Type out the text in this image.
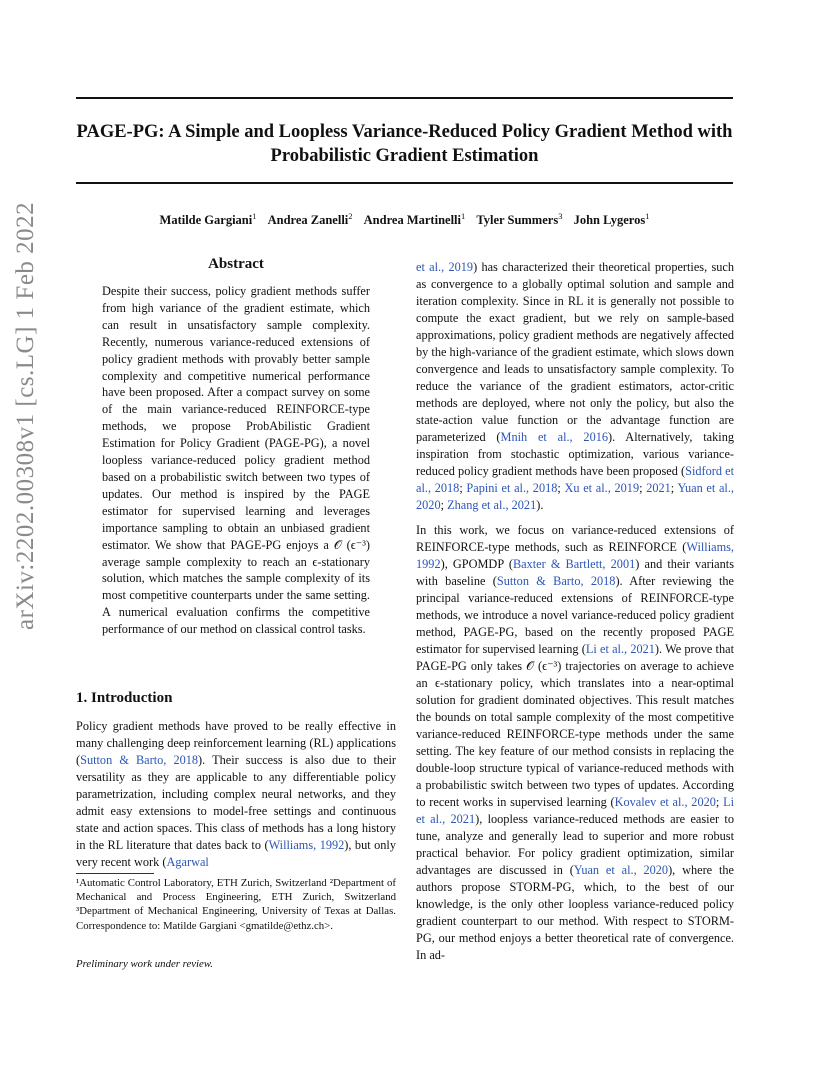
arXiv:2202.00308v1 [cs.LG] 1 Feb 2022
PAGE-PG: A Simple and Loopless Variance-Reduced Policy Gradient Method with Probabilistic Gradient Estimation
Matilde Gargiani$^1$ Andrea Zanelli$^2$ Andrea Martinelli$^1$ Tyler Summers$^3$ John Lygeros$^1$
Abstract
Despite their success, policy gradient methods suffer from high variance of the gradient estimate, which can result in unsatisfactory sample complexity. Recently, numerous variance-reduced extensions of policy gradient methods with provably better sample complexity and competitive numerical performance have been proposed. After a compact survey on some of the main variance-reduced REINFORCE-type methods, we propose ProbAbilistic Gradient Estimation for Policy Gradient (PAGE-PG), a novel loopless variance-reduced policy gradient method based on a probabilistic switch between two types of updates. Our method is inspired by the PAGE estimator for supervised learning and leverages importance sampling to obtain an unbiased gradient estimator. We show that PAGE-PG enjoys a 𝒪 (ϵ⁻³) average sample complexity to reach an ϵ-stationary solution, which matches the sample complexity of its most competitive counterparts under the same setting. A numerical evaluation confirms the competitive performance of our method on classical control tasks.
1. Introduction
Policy gradient methods have proved to be really effective in many challenging deep reinforcement learning (RL) applications (Sutton & Barto, 2018). Their success is also due to their versatility as they are applicable to any differentiable policy parametrization, including complex neural networks, and they admit easy extensions to model-free settings and continuous state and action spaces. This class of methods has a long history in the RL literature that dates back to (Williams, 1992), but only very recent work (Agarwal
¹Automatic Control Laboratory, ETH Zurich, Switzerland ²Department of Mechanical and Process Engineering, ETH Zurich, Switzerland ³Department of Mechanical Engineering, University of Texas at Dallas. Correspondence to: Matilde Gargiani <gmatilde@ethz.ch>.
Preliminary work under review.

et al., 2019) has characterized their theoretical properties, such as convergence to a globally optimal solution and sample and iteration complexity. Since in RL it is generally not possible to compute the exact gradient, but we rely on sample-based approximations, policy gradient methods are negatively affected by the high-variance of the gradient estimate, which slows down convergence and leads to unsatisfactory sample complexity. To reduce the variance of the gradient estimators, actor-critic methods are deployed, where not only the policy, but also the state-action value function or the advantage function are parameterized (Mnih et al., 2016). Alternatively, taking inspiration from stochastic optimization, various variance-reduced policy gradient methods have been proposed (Sidford et al., 2018; Papini et al., 2018; Xu et al., 2019; 2021; Yuan et al., 2020; Zhang et al., 2021).

In this work, we focus on variance-reduced extensions of REINFORCE-type methods, such as REINFORCE (Williams, 1992), GPOMDP (Baxter & Bartlett, 2001) and their variants with baseline (Sutton & Barto, 2018). After reviewing the principal variance-reduced extensions of REINFORCE-type methods, we introduce a novel variance-reduced policy gradient method, PAGE-PG, based on the recently proposed PAGE estimator for supervised learning (Li et al., 2021). We prove that PAGE-PG only takes 𝒪 (ϵ⁻³) trajectories on average to achieve an ϵ-stationary policy, which translates into a near-optimal solution for gradient dominated objectives. This result matches the bounds on total sample complexity of the most competitive variance-reduced REINFORCE-type methods under the same setting. The key feature of our method consists in replacing the double-loop structure typical of variance-reduced methods with a probabilistic switch between two types of updates. According to recent works in supervised learning (Kovalev et al., 2020; Li et al., 2021), loopless variance-reduced methods are easier to tune, analyze and generally lead to superior and more robust practical behavior. For policy gradient optimization, similar advantages are discussed in (Yuan et al., 2020), where the authors propose STORM-PG, which, to the best of our knowledge, is the only other loopless variance-reduced policy gradient counterpart to our method. With respect to STORM-PG, our method enjoys a better theoretical rate of convergence. In ad-
